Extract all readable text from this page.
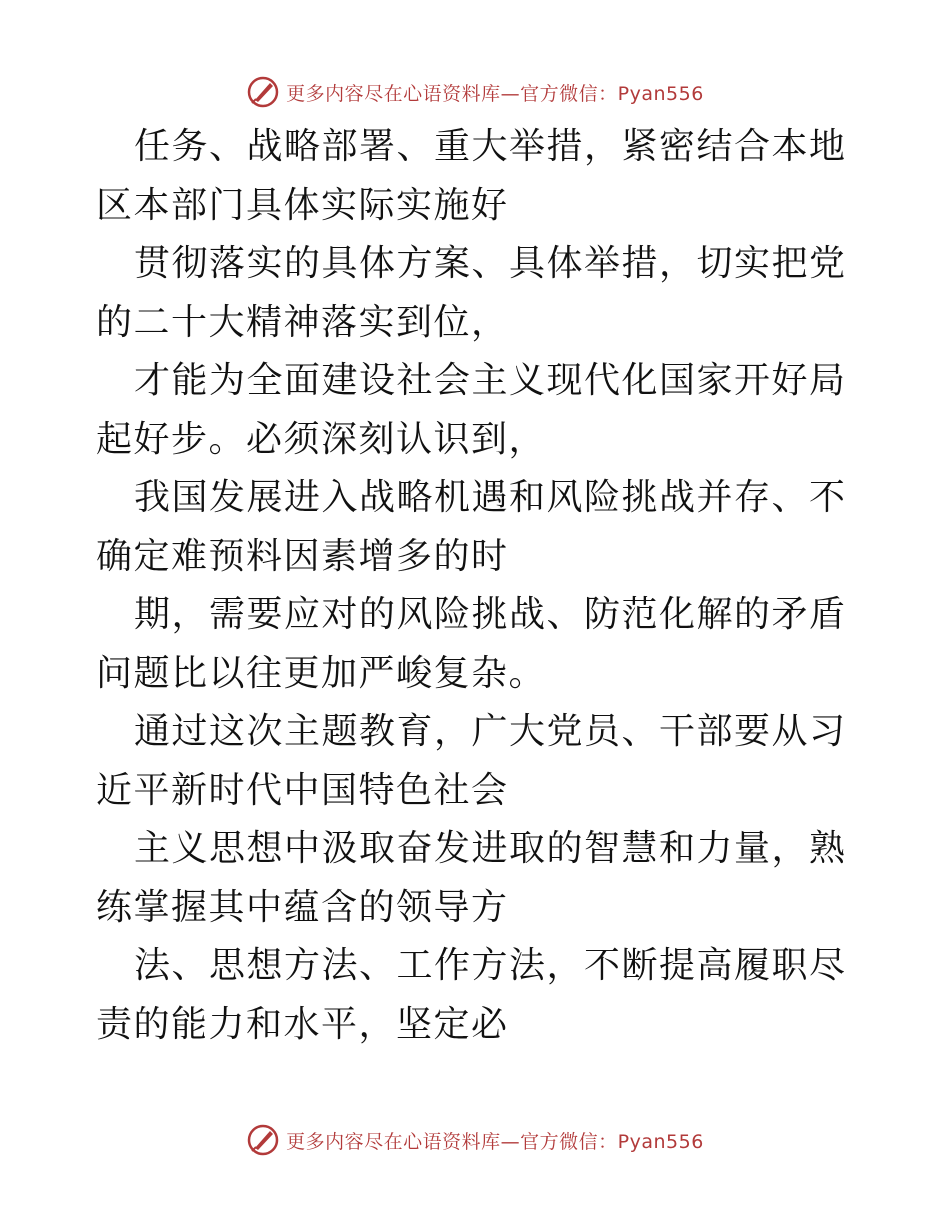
更多内容尽在心语资料库—官方微信：Pyan556

任务、战略部署、重大举措，紧密结合本地区本部门具体实际实施好

贯彻落实的具体方案、具体举措，切实把党的二十大精神落实到位，

才能为全面建设社会主义现代化国家开好局起好步。必须深刻认识到，

我国发展进入战略机遇和风险挑战并存、不确定难预料因素增多的时

期，需要应对的风险挑战、防范化解的矛盾问题比以往更加严峻复杂。

通过这次主题教育，广大党员、干部要从习近平新时代中国特色社会

主义思想中汲取奋发进取的智慧和力量，熟练掌握其中蕴含的领导方

法、思想方法、工作方法，不断提高履职尽责的能力和水平，坚定必

更多内容尽在心语资料库—官方微信：Pyan556
